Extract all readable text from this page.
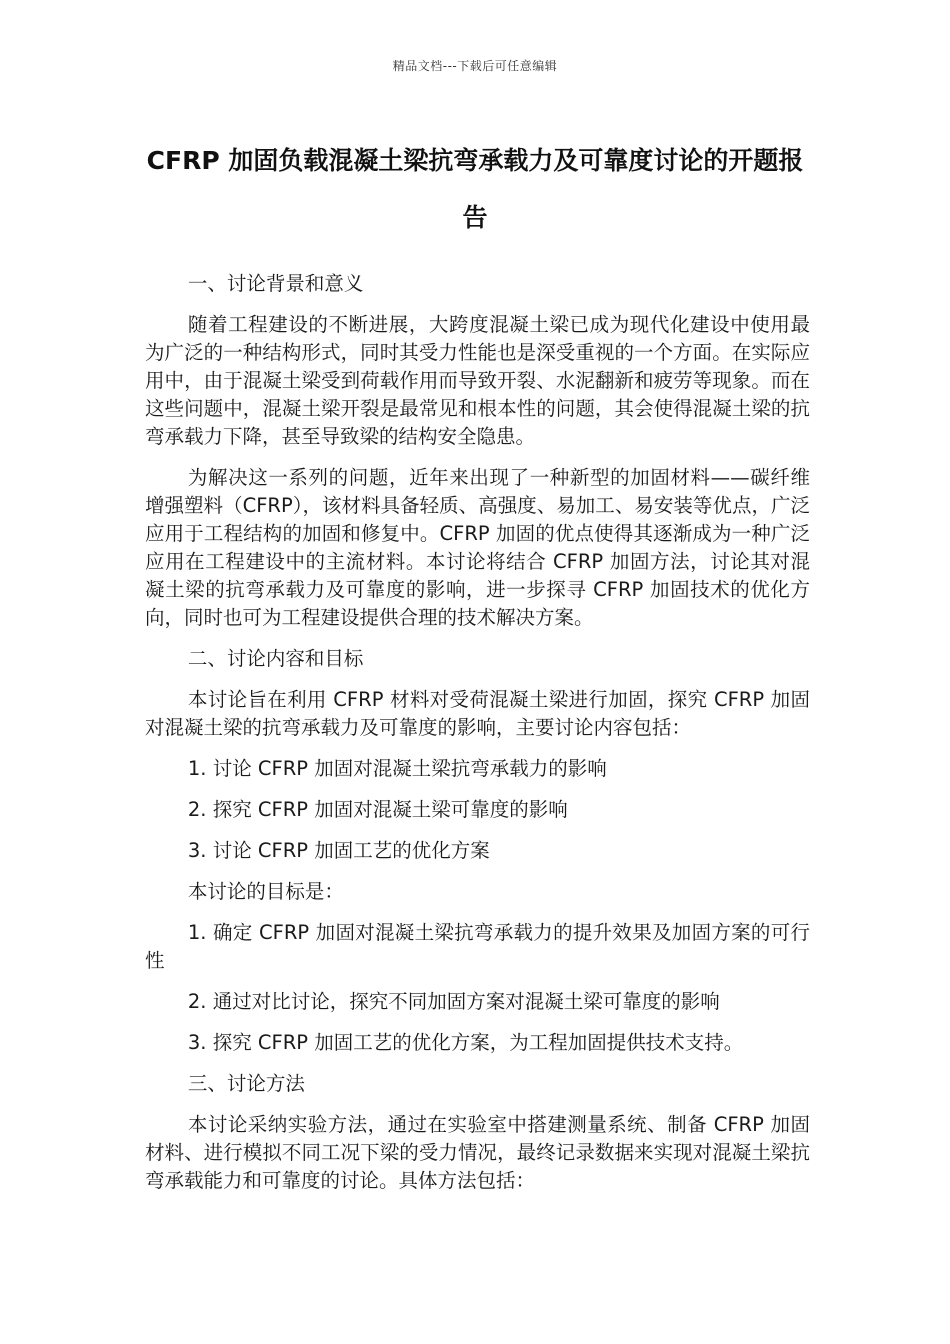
精品文档---下载后可任意编辑
CFRP 加固负载混凝土梁抗弯承载力及可靠度讨论的开题报告

一、讨论背景和意义

随着工程建设的不断进展，大跨度混凝土梁已成为现代化建设中使用最为广泛的一种结构形式，同时其受力性能也是深受重视的一个方面。在实际应用中，由于混凝土梁受到荷载作用而导致开裂、水泥翻新和疲劳等现象。而在这些问题中，混凝土梁开裂是最常见和根本性的问题，其会使得混凝土梁的抗弯承载力下降，甚至导致梁的结构安全隐患。

为解决这一系列的问题，近年来出现了一种新型的加固材料——碳纤维增强塑料（CFRP），该材料具备轻质、高强度、易加工、易安装等优点，广泛应用于工程结构的加固和修复中。CFRP 加固的优点使得其逐渐成为一种广泛应用在工程建设中的主流材料。本讨论将结合 CFRP 加固方法，讨论其对混凝土梁的抗弯承载力及可靠度的影响，进一步探寻 CFRP 加固技术的优化方向，同时也可为工程建设提供合理的技术解决方案。

二、讨论内容和目标

本讨论旨在利用 CFRP 材料对受荷混凝土梁进行加固，探究 CFRP 加固对混凝土梁的抗弯承载力及可靠度的影响，主要讨论内容包括：

1. 讨论 CFRP 加固对混凝土梁抗弯承载力的影响

2. 探究 CFRP 加固对混凝土梁可靠度的影响

3. 讨论 CFRP 加固工艺的优化方案

本讨论的目标是：

1. 确定 CFRP 加固对混凝土梁抗弯承载力的提升效果及加固方案的可行性

2. 通过对比讨论，探究不同加固方案对混凝土梁可靠度的影响

3. 探究 CFRP 加固工艺的优化方案，为工程加固提供技术支持。

三、讨论方法

本讨论采纳实验方法，通过在实验室中搭建测量系统、制备 CFRP 加固材料、进行模拟不同工况下梁的受力情况，最终记录数据来实现对混凝土梁抗弯承载能力和可靠度的讨论。具体方法包括：
